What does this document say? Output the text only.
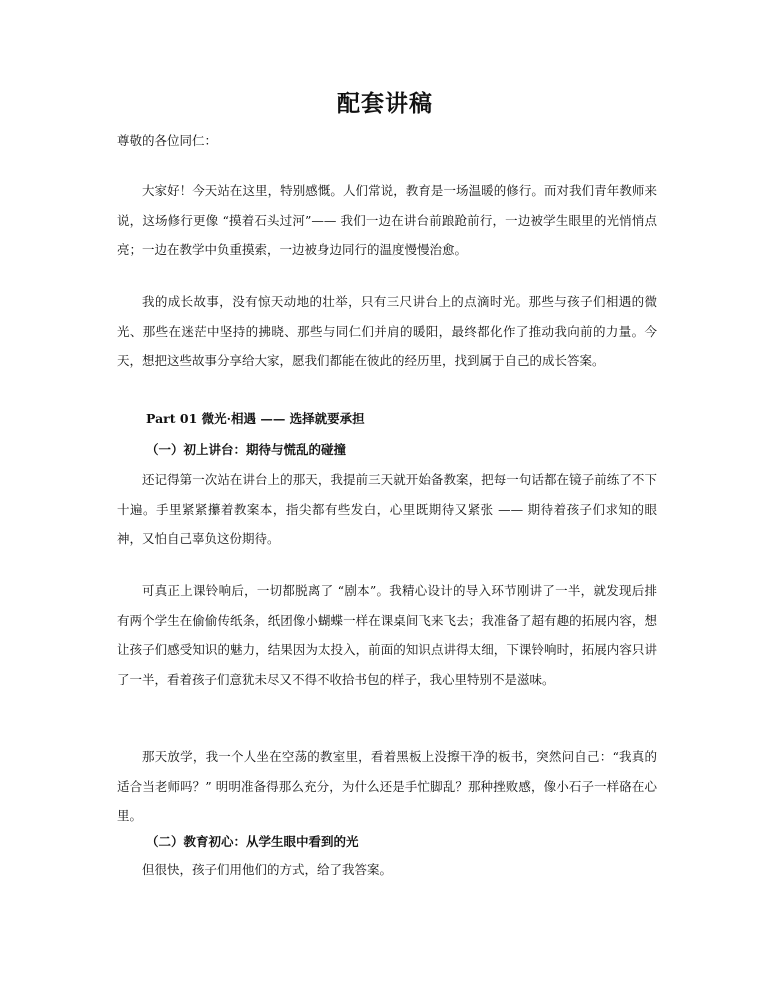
配套讲稿

尊敬的各位同仁：

大家好！今天站在这里，特别感慨。人们常说，教育是一场温暖的修行。而对我们青年教师来说，这场修行更像 “摸着石头过河”—— 我们一边在讲台前踉跄前行，一边被学生眼里的光悄悄点亮；一边在教学中负重摸索，一边被身边同行的温度慢慢治愈。

我的成长故事，没有惊天动地的壮举，只有三尺讲台上的点滴时光。那些与孩子们相遇的微光、那些在迷茫中坚持的拂晓、那些与同仁们并肩的暖阳，最终都化作了推动我向前的力量。今天，想把这些故事分享给大家，愿我们都能在彼此的经历里，找到属于自己的成长答案。

Part 01 微光·相遇 —— 选择就要承担

（一）初上讲台：期待与慌乱的碰撞

还记得第一次站在讲台上的那天，我提前三天就开始备教案，把每一句话都在镜子前练了不下十遍。手里紧紧攥着教案本，指尖都有些发白，心里既期待又紧张 —— 期待着孩子们求知的眼神，又怕自己辜负这份期待。

可真正上课铃响后，一切都脱离了 “剧本”。我精心设计的导入环节刚讲了一半，就发现后排有两个学生在偷偷传纸条，纸团像小蝴蝶一样在课桌间飞来飞去；我准备了超有趣的拓展内容，想让孩子们感受知识的魅力，结果因为太投入，前面的知识点讲得太细，下课铃响时，拓展内容只讲了一半，看着孩子们意犹未尽又不得不收拾书包的样子，我心里特别不是滋味。

那天放学，我一个人坐在空荡的教室里，看着黑板上没擦干净的板书，突然问自己：“我真的适合当老师吗？” 明明准备得那么充分，为什么还是手忙脚乱？那种挫败感，像小石子一样硌在心里。

（二）教育初心：从学生眼中看到的光

但很快，孩子们用他们的方式，给了我答案。
